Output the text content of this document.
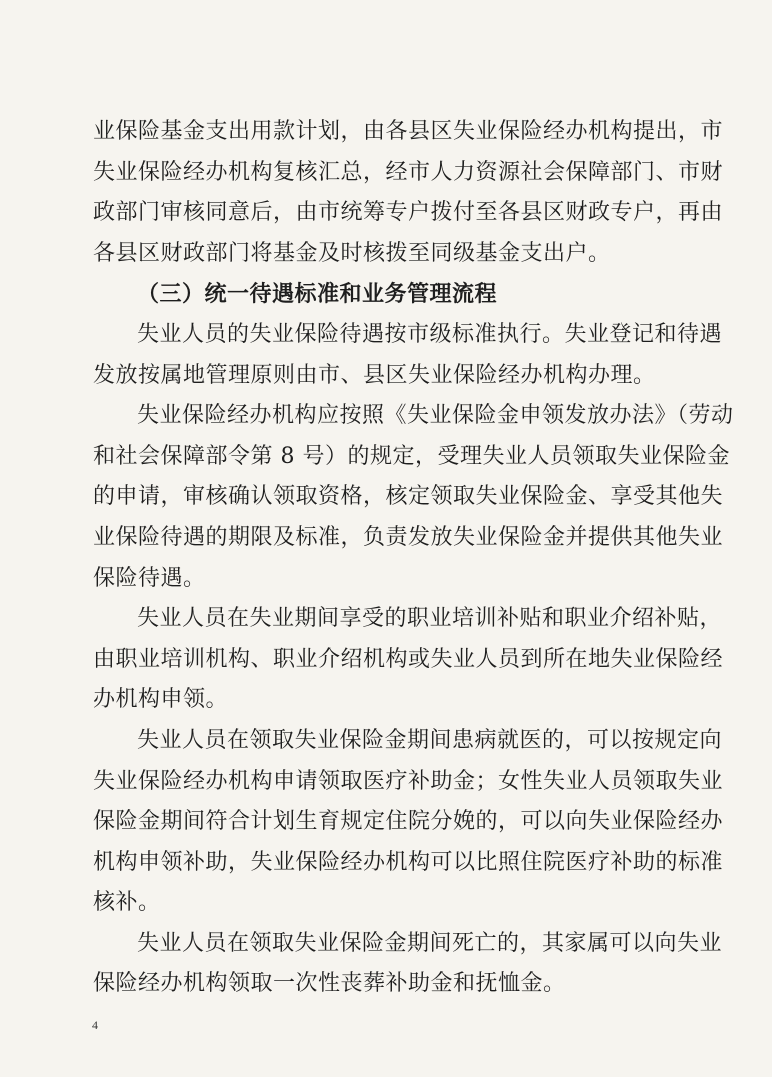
业保险基金支出用款计划，由各县区失业保险经办机构提出，市
失业保险经办机构复核汇总，经市人力资源社会保障部门、市财
政部门审核同意后，由市统筹专户拨付至各县区财政专户，再由
各县区财政部门将基金及时核拨至同级基金支出户。
（三）统一待遇标准和业务管理流程
失业人员的失业保险待遇按市级标准执行。失业登记和待遇
发放按属地管理原则由市、县区失业保险经办机构办理。
失业保险经办机构应按照《失业保险金申领发放办法》（劳动
和社会保障部令第 8 号）的规定，受理失业人员领取失业保险金
的申请，审核确认领取资格，核定领取失业保险金、享受其他失
业保险待遇的期限及标准，负责发放失业保险金并提供其他失业
保险待遇。
失业人员在失业期间享受的职业培训补贴和职业介绍补贴，
由职业培训机构、职业介绍机构或失业人员到所在地失业保险经
办机构申领。
失业人员在领取失业保险金期间患病就医的，可以按规定向
失业保险经办机构申请领取医疗补助金；女性失业人员领取失业
保险金期间符合计划生育规定住院分娩的，可以向失业保险经办
机构申领补助，失业保险经办机构可以比照住院医疗补助的标准
核补。
失业人员在领取失业保险金期间死亡的，其家属可以向失业
保险经办机构领取一次性丧葬补助金和抚恤金。
4
